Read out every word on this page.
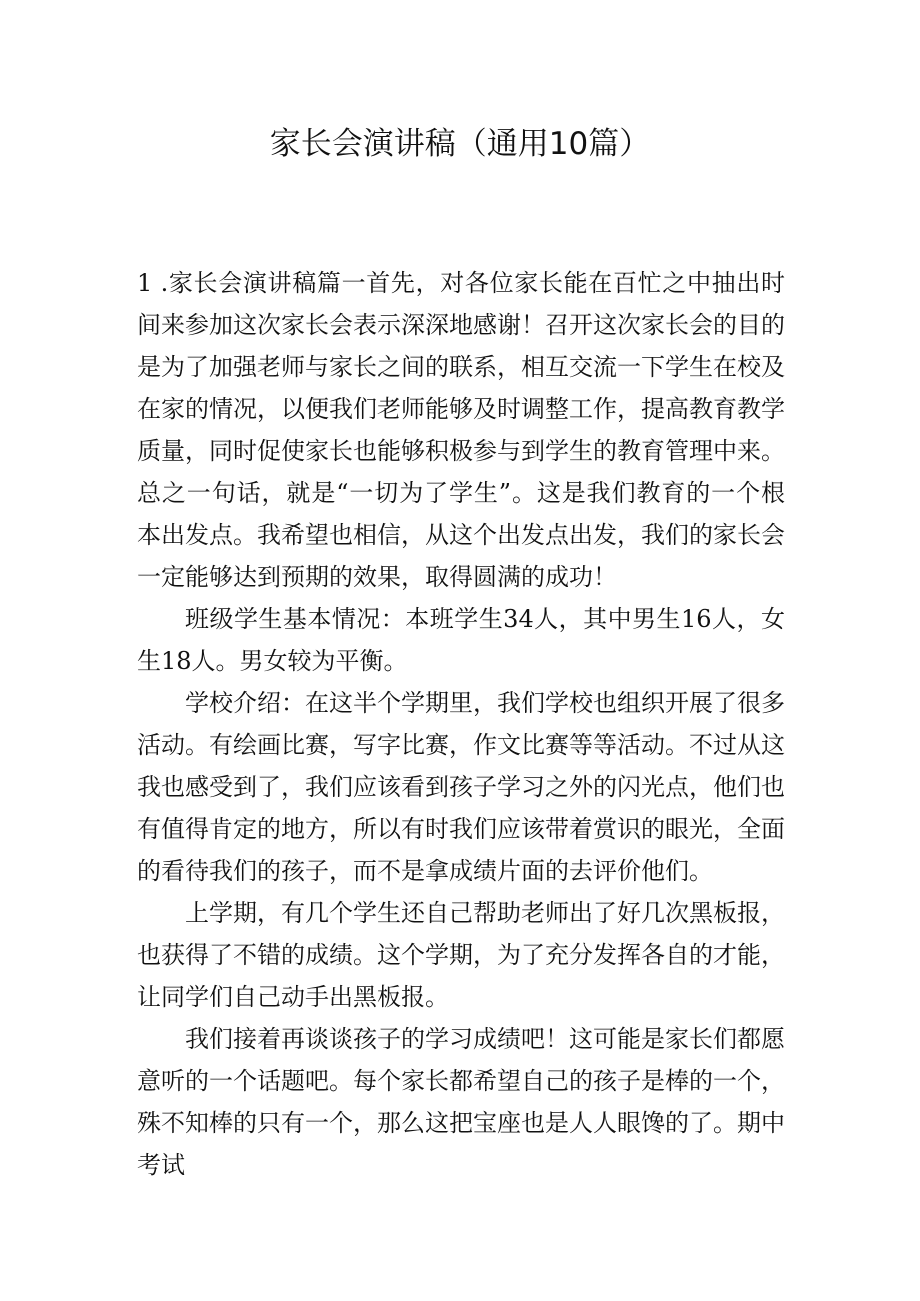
家长会演讲稿（通用10篇）

1 .家长会演讲稿篇一首先，对各位家长能在百忙之中抽出时间来参加这次家长会表示深深地感谢！召开这次家长会的目的是为了加强老师与家长之间的联系，相互交流一下学生在校及在家的情况，以便我们老师能够及时调整工作，提高教育教学质量，同时促使家长也能够积极参与到学生的教育管理中来。总之一句话，就是“一切为了学生”。这是我们教育的一个根本出发点。我希望也相信，从这个出发点出发，我们的家长会一定能够达到预期的效果，取得圆满的成功！

班级学生基本情况：本班学生34人，其中男生16人，女生18人。男女较为平衡。

学校介绍：在这半个学期里，我们学校也组织开展了很多活动。有绘画比赛，写字比赛，作文比赛等等活动。不过从这我也感受到了，我们应该看到孩子学习之外的闪光点，他们也有值得肯定的地方，所以有时我们应该带着赏识的眼光，全面的看待我们的孩子，而不是拿成绩片面的去评价他们。

上学期，有几个学生还自己帮助老师出了好几次黑板报，也获得了不错的成绩。这个学期，为了充分发挥各自的才能，让同学们自己动手出黑板报。

我们接着再谈谈孩子的学习成绩吧！这可能是家长们都愿意听的一个话题吧。每个家长都希望自己的孩子是棒的一个，殊不知棒的只有一个，那么这把宝座也是人人眼馋的了。期中考试
